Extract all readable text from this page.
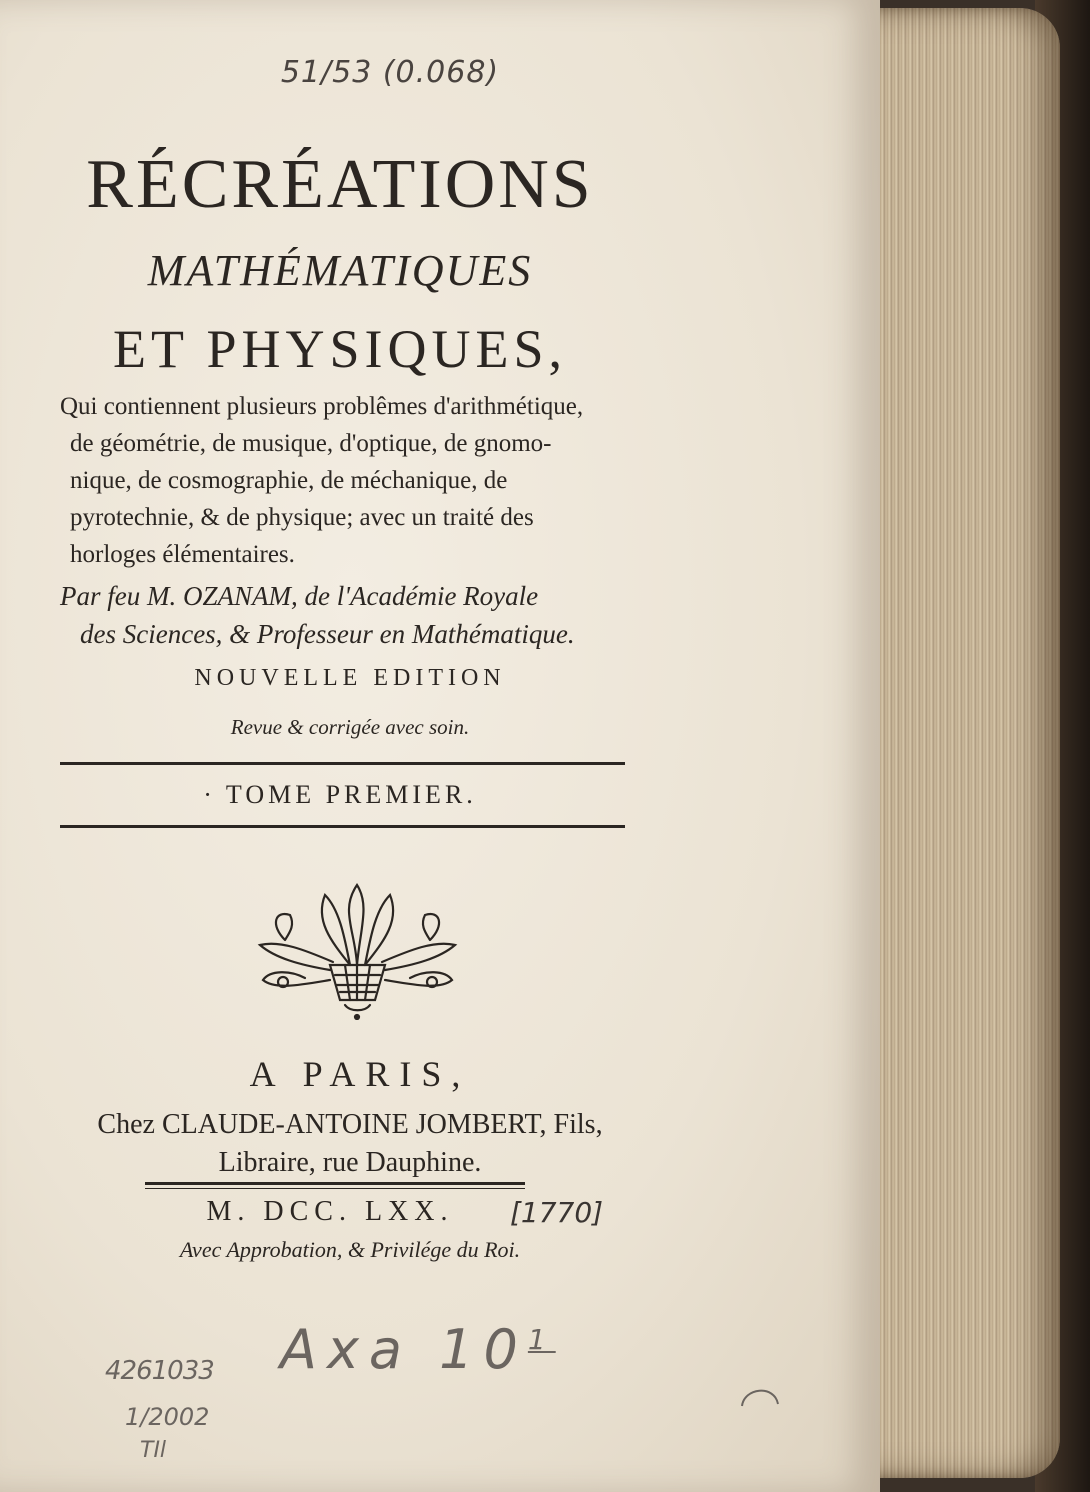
51/53 (0.068)
RÉCRÉATIONS
MATHÉMATIQUES
ET PHYSIQUES,
Qui contiennent plusieurs problêmes d'arithmétique,
de géométrie, de musique, d'optique, de gnomo-
nique, de cosmographie, de méchanique, de
pyrotechnie, & de physique; avec un traité des
horloges élémentaires.
Par feu M. OZANAM, de l'Académie Royale
des Sciences, & Professeur en Mathématique.
NOUVELLE EDITION
Revue & corrigée avec soin.
· TOME PREMIER.
A PARIS,
Chez CLAUDE-ANTOINE JOMBERT, Fils,
Libraire, rue Dauphine.
M. DCC. LXX.	[1770]
Avec Approbation, & Privilége du Roi.
4261033 Axa $10^1$
1/2002
TIl
